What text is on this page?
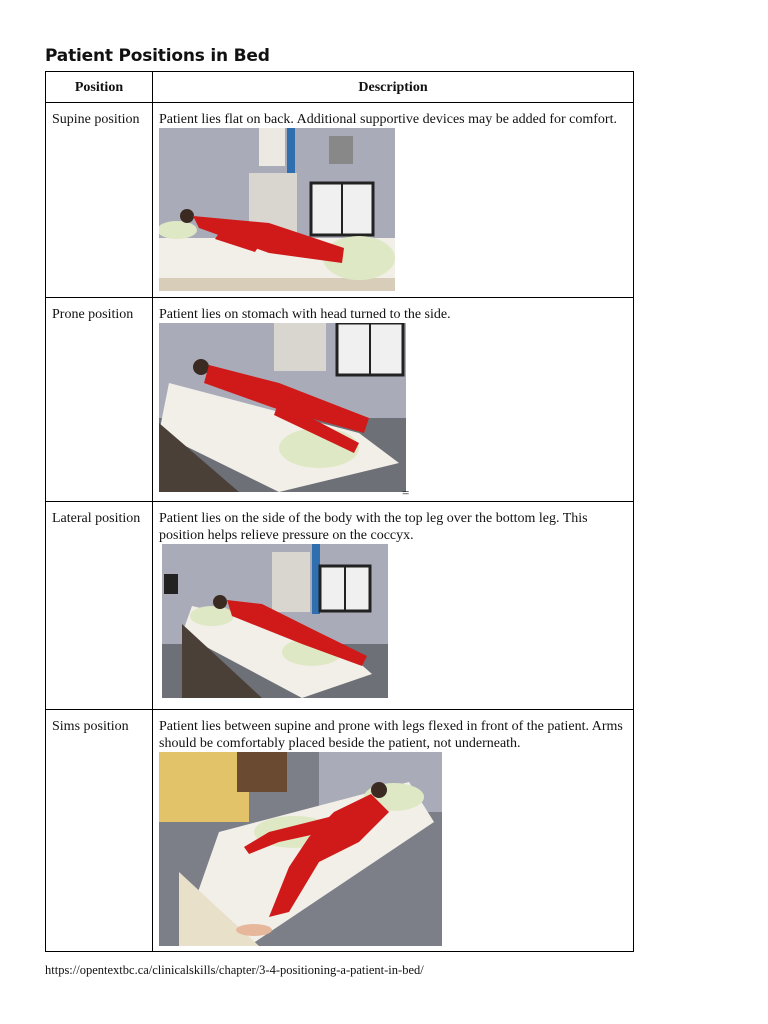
Patient Positions in Bed
Position	Description
Supine position	Patient lies flat on back. Additional supportive devices may be added for comfort.

Prone position	Patient lies on stomach with head turned to the side.
=

Lateral position	Patient lies on the side of the body with the top leg over the bottom leg. This position helps relieve pressure on the coccyx.

Sims position	Patient lies between supine and prone with legs flexed in front of the patient. Arms should be comfortably placed beside the patient, not underneath.
https://opentextbc.ca/clinicalskills/chapter/3-4-positioning-a-patient-in-bed/
